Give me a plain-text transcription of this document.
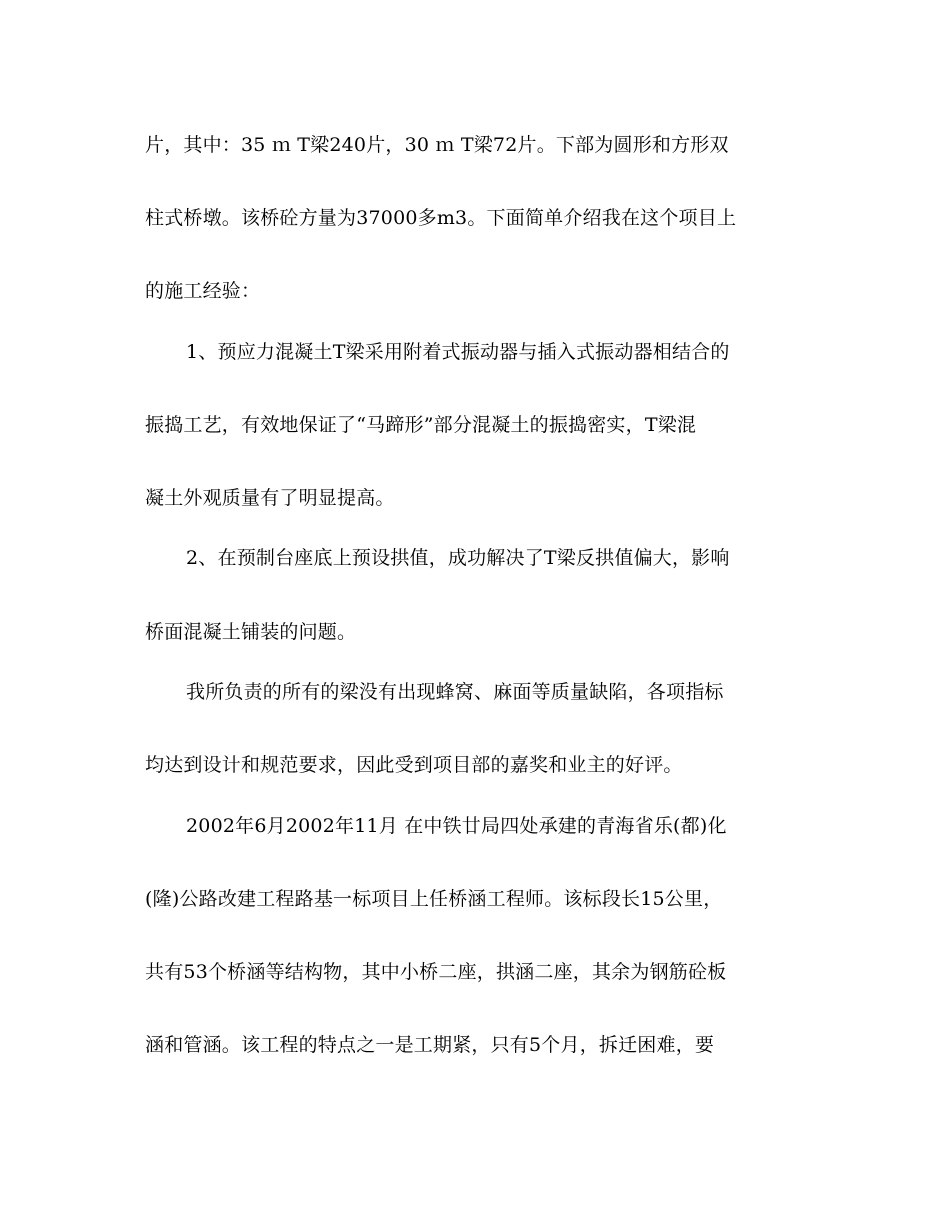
片，其中：35 ｍ T梁240片，30 ｍ T梁72片。下部为圆形和方形双
柱式桥墩。该桥砼方量为37000多m3。下面简单介绍我在这个项目上
的施工经验：
1、预应力混凝土T梁采用附着式振动器与插入式振动器相结合的
振捣工艺，有效地保证了“马蹄形”部分混凝土的振捣密实，T梁混
凝土外观质量有了明显提高。
2、在预制台座底上预设拱值，成功解决了T梁反拱值偏大，影响
桥面混凝土铺装的问题。
我所负责的所有的梁没有出现蜂窝、麻面等质量缺陷，各项指标
均达到设计和规范要求，因此受到项目部的嘉奖和业主的好评。
2002年6月2002年11月 在中铁廿局四处承建的青海省乐(都)化
(隆)公路改建工程路基一标项目上任桥涵工程师。该标段长15公里，
共有53个桥涵等结构物，其中小桥二座，拱涵二座，其余为钢筋砼板
涵和管涵。该工程的特点之一是工期紧，只有5个月，拆迁困难，要
